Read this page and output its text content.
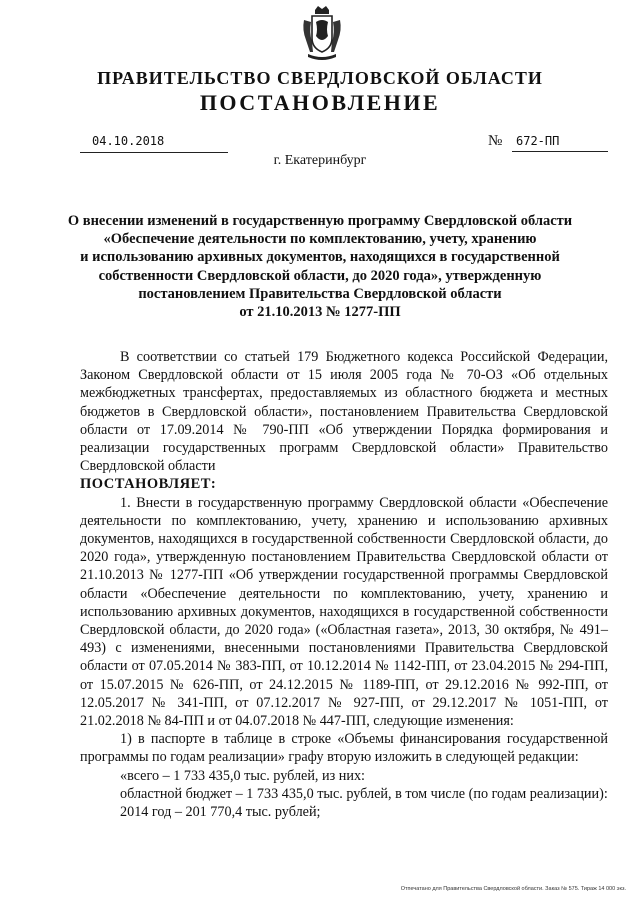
ПРАВИТЕЛЬСТВО СВЕРДЛОВСКОЙ ОБЛАСТИ
ПОСТАНОВЛЕНИЕ
04.10.2018	№	672-ПП
г. Екатеринбург
О внесении изменений в государственную программу Свердловской области
«Обеспечение деятельности по комплектованию, учету, хранению
и использованию архивных документов, находящихся в государственной
собственности Свердловской области, до 2020 года», утвержденную
постановлением Правительства Свердловской области
от 21.10.2013 № 1277-ПП

В соответствии со статьей 179 Бюджетного кодекса Российской Федерации, Законом Свердловской области от 15 июля 2005 года № 70-ОЗ «Об отдельных межбюджетных трансфертах, предоставляемых из областного бюджета и местных бюджетов в Свердловской области», постановлением Правительства Свердловской области от 17.09.2014 № 790-ПП «Об утверждении Порядка формирования и реализации государственных программ Свердловской области» Правительство Свердловской области

ПОСТАНОВЛЯЕТ:

1. Внести в государственную программу Свердловской области «Обеспечение деятельности по комплектованию, учету, хранению и использованию архивных документов, находящихся в государственной собственности Свердловской области, до 2020 года», утвержденную постановлением Правительства Свердловской области от 21.10.2013 № 1277-ПП «Об утверждении государственной программы Свердловской области «Обеспечение деятельности по комплектованию, учету, хранению и использованию архивных документов, находящихся в государственной собственности Свердловской области, до 2020 года» («Областная газета», 2013, 30 октября, № 491–493) с изменениями, внесенными постановлениями Правительства Свердловской области от 07.05.2014 № 383-ПП, от 10.12.2014 № 1142-ПП, от 23.04.2015 № 294-ПП, от 15.07.2015 № 626-ПП, от 24.12.2015 № 1189-ПП, от 29.12.2016 № 992-ПП, от 12.05.2017 № 341-ПП, от 07.12.2017 № 927-ПП, от 29.12.2017 № 1051-ПП, от 21.02.2018 № 84-ПП и от 04.07.2018 № 447-ПП, следующие изменения:

1) в паспорте в таблице в строке «Объемы финансирования государственной программы по годам реализации» графу вторую изложить в следующей редакции:

«всего – 1 733 435,0 тыс. рублей, из них:

областной бюджет – 1 733 435,0 тыс. рублей, в том числе (по годам реализации):

2014 год – 201 770,4 тыс. рублей;

Отпечатано для Правительства Свердловской области. Заказ № 575. Тираж 14 000 экз.
